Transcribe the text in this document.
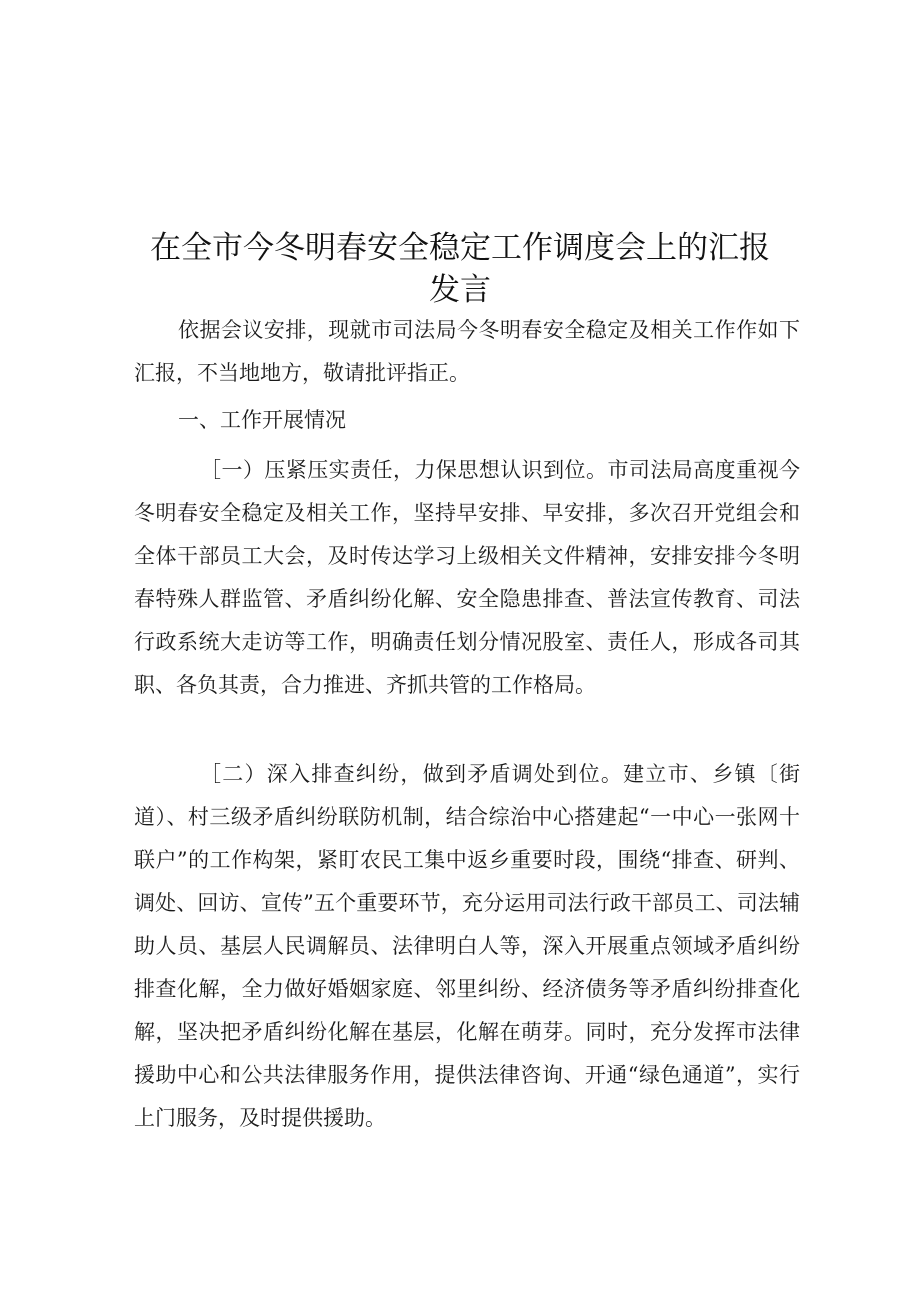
在全市今冬明春安全稳定工作调度会上的汇报
发言

依据会议安排，现就市司法局今冬明春安全稳定及相关工作作如下汇报，不当地地方，敬请批评指正。

一、工作开展情况

［一）压紧压实责任，力保思想认识到位。市司法局高度重视今冬明春安全稳定及相关工作，坚持早安排、早安排，多次召开党组会和全体干部员工大会，及时传达学习上级相关文件精神，安排安排今冬明春特殊人群监管、矛盾纠纷化解、安全隐患排查、普法宣传教育、司法行政系统大走访等工作，明确责任划分情况股室、责任人，形成各司其职、各负其责，合力推进、齐抓共管的工作格局。

［二）深入排查纠纷，做到矛盾调处到位。建立市、乡镇〔街道）、村三级矛盾纠纷联防机制，结合综治中心搭建起“一中心一张网十联户”的工作构架，紧盯农民工集中返乡重要时段，围绕“排查、研判、调处、回访、宣传”五个重要环节，充分运用司法行政干部员工、司法辅助人员、基层人民调解员、法律明白人等，深入开展重点领域矛盾纠纷排查化解，全力做好婚姻家庭、邻里纠纷、经济债务等矛盾纠纷排查化解，坚决把矛盾纠纷化解在基层，化解在萌芽。同时，充分发挥市法律援助中心和公共法律服务作用，提供法律咨询、开通“绿色通道”，实行上门服务，及时提供援助。
